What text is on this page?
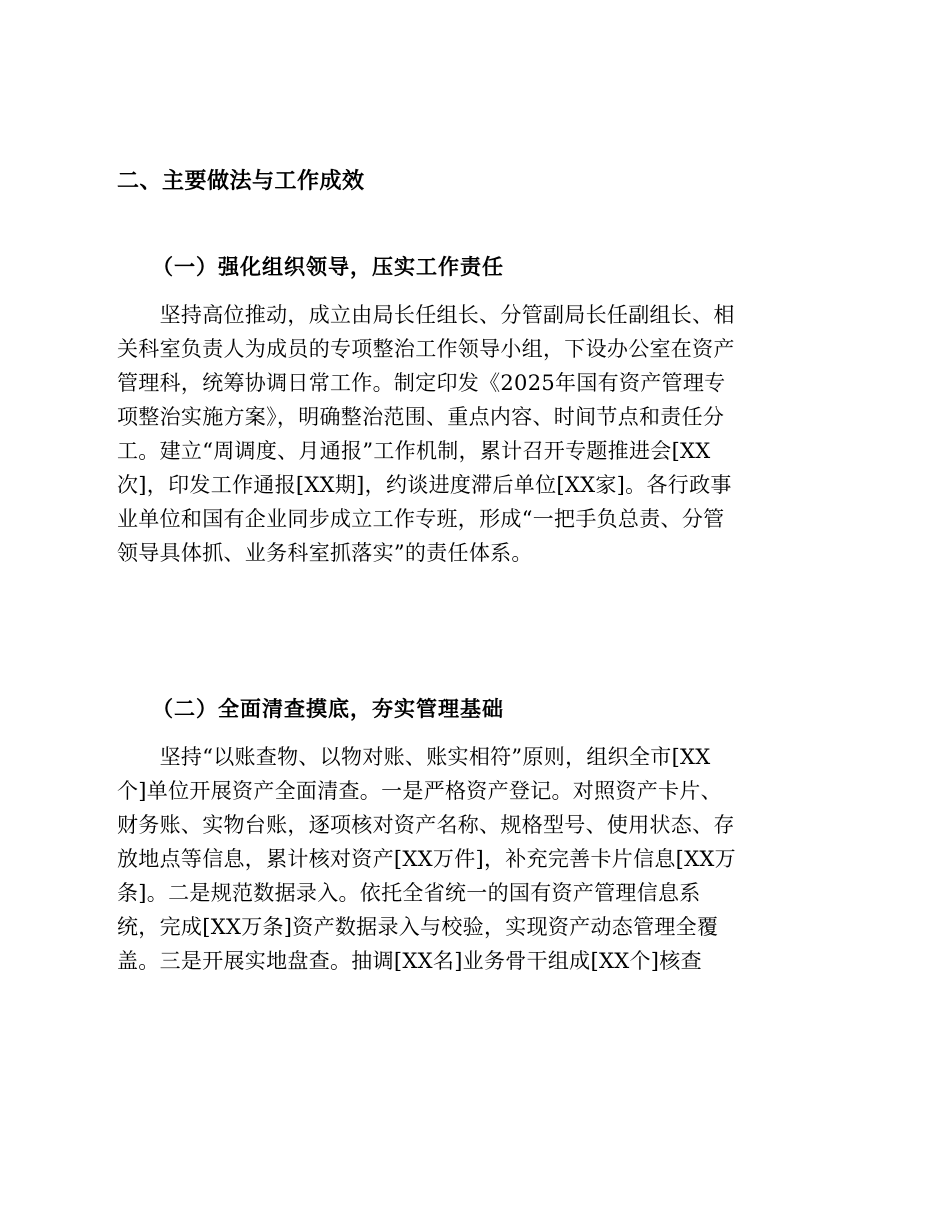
二、主要做法与工作成效
（一）强化组织领导，压实工作责任

　　坚持高位推动，成立由局长任组长、分管副局长任副组长、相
关科室负责人为成员的专项整治工作领导小组，下设办公室在资产
管理科，统筹协调日常工作。制定印发《2025年国有资产管理专
项整治实施方案》，明确整治范围、重点内容、时间节点和责任分
工。建立“周调度、月通报”工作机制，累计召开专题推进会[XX
次]，印发工作通报[XX期]，约谈进度滞后单位[XX家]。各行政事
业单位和国有企业同步成立工作专班，形成“一把手负总责、分管
领导具体抓、业务科室抓落实”的责任体系。

（二）全面清查摸底，夯实管理基础

　　坚持“以账查物、以物对账、账实相符”原则，组织全市[XX
个]单位开展资产全面清查。一是严格资产登记。对照资产卡片、
财务账、实物台账，逐项核对资产名称、规格型号、使用状态、存
放地点等信息，累计核对资产[XX万件]，补充完善卡片信息[XX万
条]。二是规范数据录入。依托全省统一的国有资产管理信息系
统，完成[XX万条]资产数据录入与校验，实现资产动态管理全覆
盖。三是开展实地盘查。抽调[XX名]业务骨干组成[XX个]核查
